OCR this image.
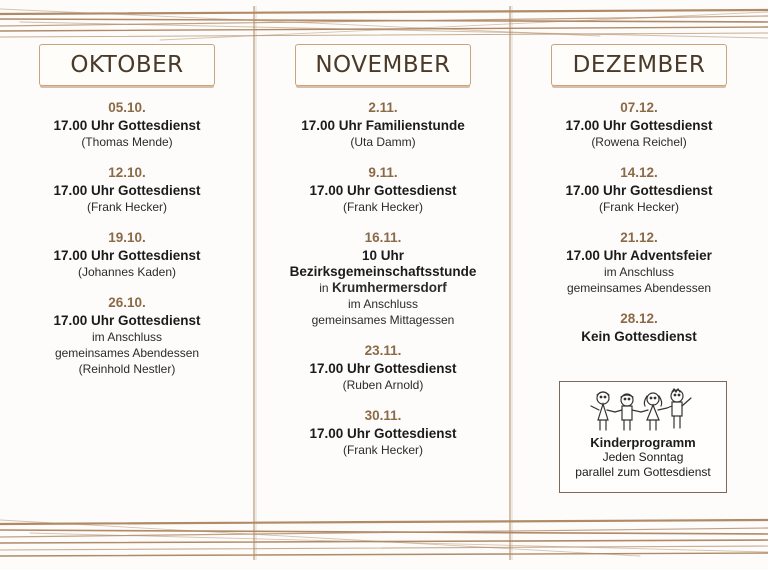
OKTOBER
05.10.
17.00 Uhr Gottesdienst
(Thomas Mende)
12.10.
17.00 Uhr Gottesdienst
(Frank Hecker)
19.10.
17.00 Uhr Gottesdienst
(Johannes Kaden)
26.10.
17.00 Uhr Gottesdienst
im Anschluss
gemeinsames Abendessen
(Reinhold Nestler)
NOVEMBER
2.11.
17.00 Uhr Familienstunde
(Uta Damm)
9.11.
17.00 Uhr Gottesdienst
(Frank Hecker)
16.11.
10 Uhr
Bezirksgemeinschaftsstunde
in Krumhermersdorf
im Anschluss
gemeinsames Mittagessen
23.11.
17.00 Uhr Gottesdienst
(Ruben Arnold)
30.11.
17.00 Uhr Gottesdienst
(Frank Hecker)
DEZEMBER
07.12.
17.00 Uhr Gottesdienst
(Rowena Reichel)
14.12.
17.00 Uhr Gottesdienst
(Frank Hecker)
21.12.
17.00 Uhr Adventsfeier
im Anschluss
gemeinsames Abendessen
28.12.
Kein Gottesdienst
Kinderprogramm
Jeden Sonntag
parallel zum Gottesdienst
